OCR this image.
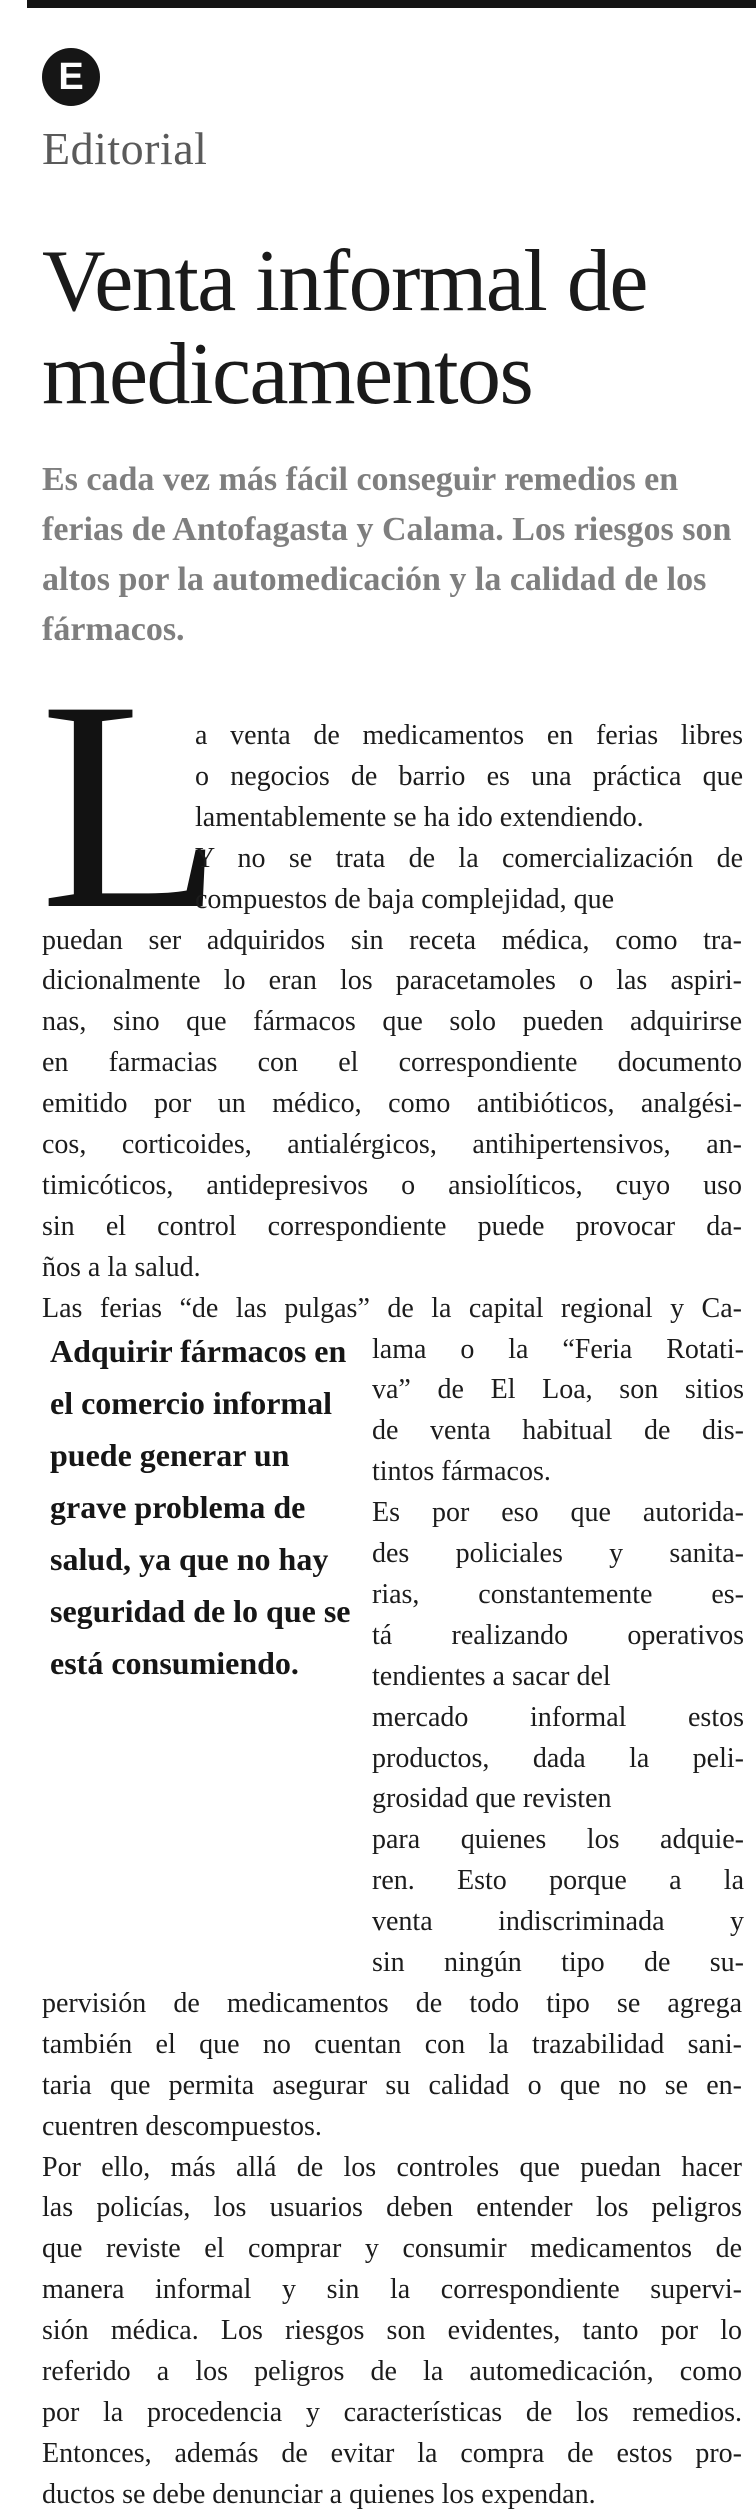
E
Editorial
Venta informal de
medicamentos

Es cada vez más fácil conseguir remedios en ferias de Antofagasta y Calama. Los riesgos son altos por la automedicación y la calidad de los fármacos.

L

Adquirir fármacos en el comercio informal puede generar un grave problema de salud, ya que no hay seguridad de lo que se está consumiendo.

a venta de medicamentos en ferias libres
o negocios de barrio es una práctica que
lamentablemente se ha ido extendiendo.
Y no se trata de la comercialización de
compuestos de baja complejidad, que
puedan ser adquiridos sin receta médica, como tra-
dicionalmente lo eran los paracetamoles o las aspiri-
nas, sino que fármacos que solo pueden adquirirse
en farmacias con el correspondiente documento
emitido por un médico, como antibióticos, analgési-
cos, corticoides, antialérgicos, antihipertensivos, an-
timicóticos, antidepresivos o ansiolíticos, cuyo uso
sin el control correspondiente puede provocar da-
ños a la salud.
Las ferias “de las pulgas” de la capital regional y Ca-
lama o la “Feria Rotati-
va” de El Loa, son sitios
de venta habitual de dis-
tintos fármacos.
Es por eso que autorida-
des policiales y sanita-
rias, constantemente es-
tá realizando operativos
tendientes a sacar del
mercado informal estos
productos, dada la peli-
grosidad que revisten
para quienes los adquie-
ren. Esto porque a la
venta indiscriminada y
sin ningún tipo de su-
pervisión de medicamentos de todo tipo se agrega
también el que no cuentan con la trazabilidad sani-
taria que permita asegurar su calidad o que no se en-
cuentren descompuestos.
Por ello, más allá de los controles que puedan hacer
las policías, los usuarios deben entender los peligros
que reviste el comprar y consumir medicamentos de
manera informal y sin la correspondiente supervi-
sión médica. Los riesgos son evidentes, tanto por lo
referido a los peligros de la automedicación, como
por la procedencia y características de los remedios.
Entonces, además de evitar la compra de estos pro-
ductos se debe denunciar a quienes los expendan.
